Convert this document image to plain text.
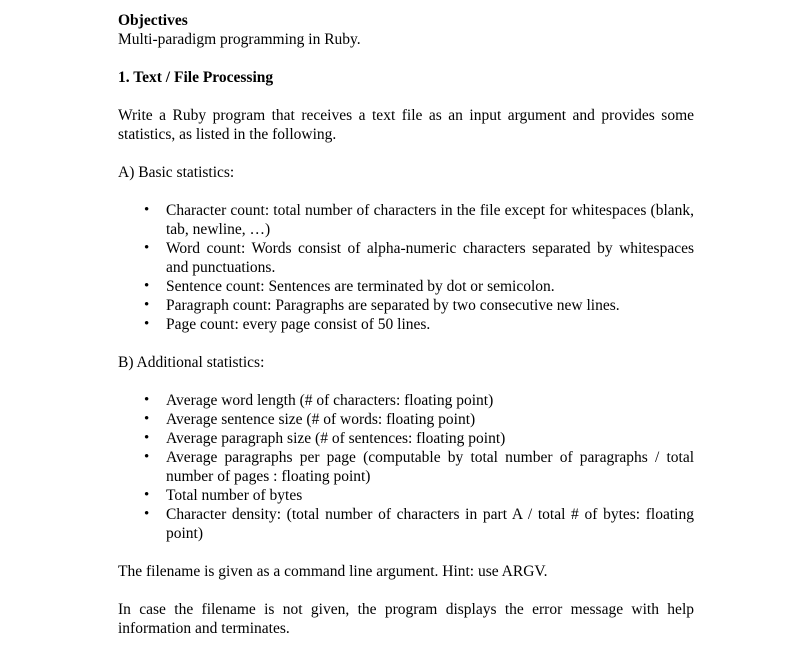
Objectives

Multi-paradigm programming in Ruby.

1. Text / File Processing

Write a Ruby program that receives a text file as an input argument and provides some statistics, as listed in the following.

A) Basic statistics:

• Character count: total number of characters in the file except for whitespaces (blank, tab, newline, …)
• Word count: Words consist of alpha-numeric characters separated by whitespaces and punctuations.
• Sentence count: Sentences are terminated by dot or semicolon.
• Paragraph count: Paragraphs are separated by two consecutive new lines.
• Page count: every page consist of 50 lines.

B) Additional statistics:

• Average word length (# of characters: floating point)
• Average sentence size (# of words: floating point)
• Average paragraph size (# of sentences: floating point)
• Average paragraphs per page (computable by total number of paragraphs / total number of pages : floating point)
• Total number of bytes
• Character density: (total number of characters in part A / total # of bytes: floating point)

The filename is given as a command line argument. Hint: use ARGV.

In case the filename is not given, the program displays the error message with help information and terminates.
